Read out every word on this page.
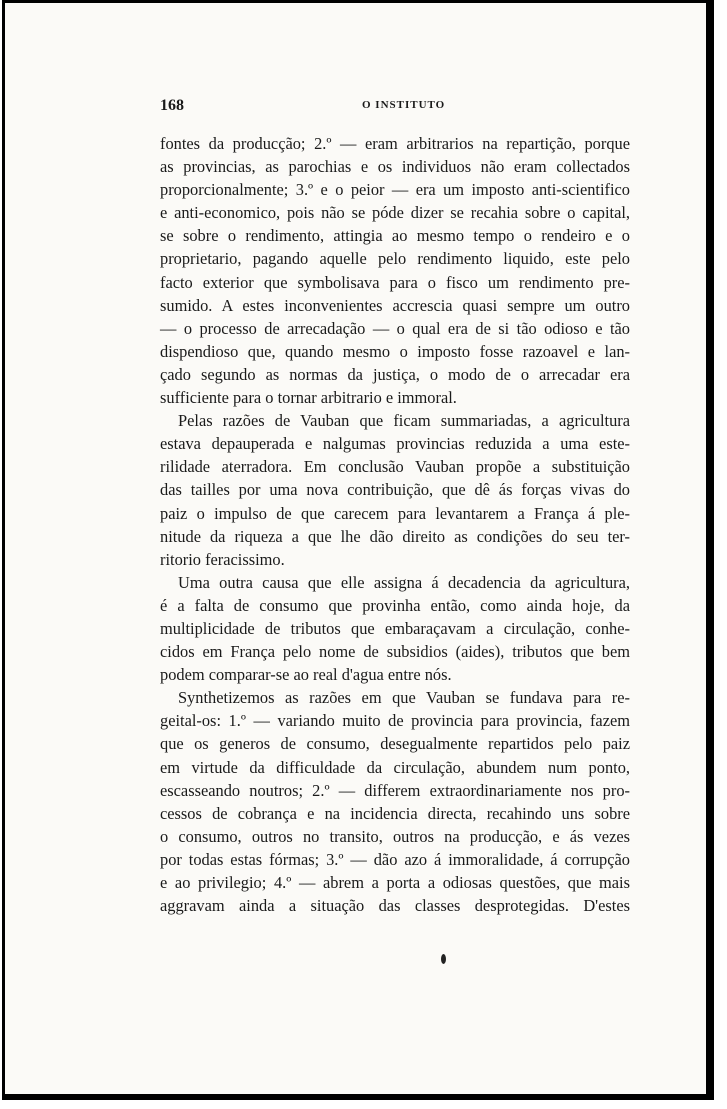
168	O INSTITUTO
fontes da producção; 2.º — eram arbitrarios na repartição, porque
as provincias, as parochias e os individuos não eram collectados
proporcionalmente; 3.º e o peior — era um imposto anti-scientifico
e anti-economico, pois não se póde dizer se recahia sobre o capital,
se sobre o rendimento, attingia ao mesmo tempo o rendeiro e o
proprietario, pagando aquelle pelo rendimento liquido, este pelo
facto exterior que symbolisava para o fisco um rendimento pre-
sumido. A estes inconvenientes accrescia quasi sempre um outro
— o processo de arrecadação — o qual era de si tão odioso e tão
dispendioso que, quando mesmo o imposto fosse razoavel e lan-
çado segundo as normas da justiça, o modo de o arrecadar era
sufficiente para o tornar arbitrario e immoral.
Pelas razões de Vauban que ficam summariadas, a agricultura
estava depauperada e nalgumas provincias reduzida a uma este-
rilidade aterradora. Em conclusão Vauban propõe a substituição
das tailles por uma nova contribuição, que dê ás forças vivas do
paiz o impulso de que carecem para levantarem a França á ple-
nitude da riqueza a que lhe dão direito as condições do seu ter-
ritorio feracissimo.
Uma outra causa que elle assigna á decadencia da agricultura,
é a falta de consumo que provinha então, como ainda hoje, da
multiplicidade de tributos que embaraçavam a circulação, conhe-
cidos em França pelo nome de subsidios (aides), tributos que bem
podem comparar-se ao real d'agua entre nós.
Synthetizemos as razões em que Vauban se fundava para re-
geital-os: 1.º — variando muito de provincia para provincia, fazem
que os generos de consumo, desegualmente repartidos pelo paiz
em virtude da difficuldade da circulação, abundem num ponto,
escasseando noutros; 2.º — differem extraordinariamente nos pro-
cessos de cobrança e na incidencia directa, recahindo uns sobre
o consumo, outros no transito, outros na producção, e ás vezes
por todas estas fórmas; 3.º — dão azo á immoralidade, á corrupção
e ao privilegio; 4.º — abrem a porta a odiosas questões, que mais
aggravam ainda a situação das classes desprotegidas. D'estes
